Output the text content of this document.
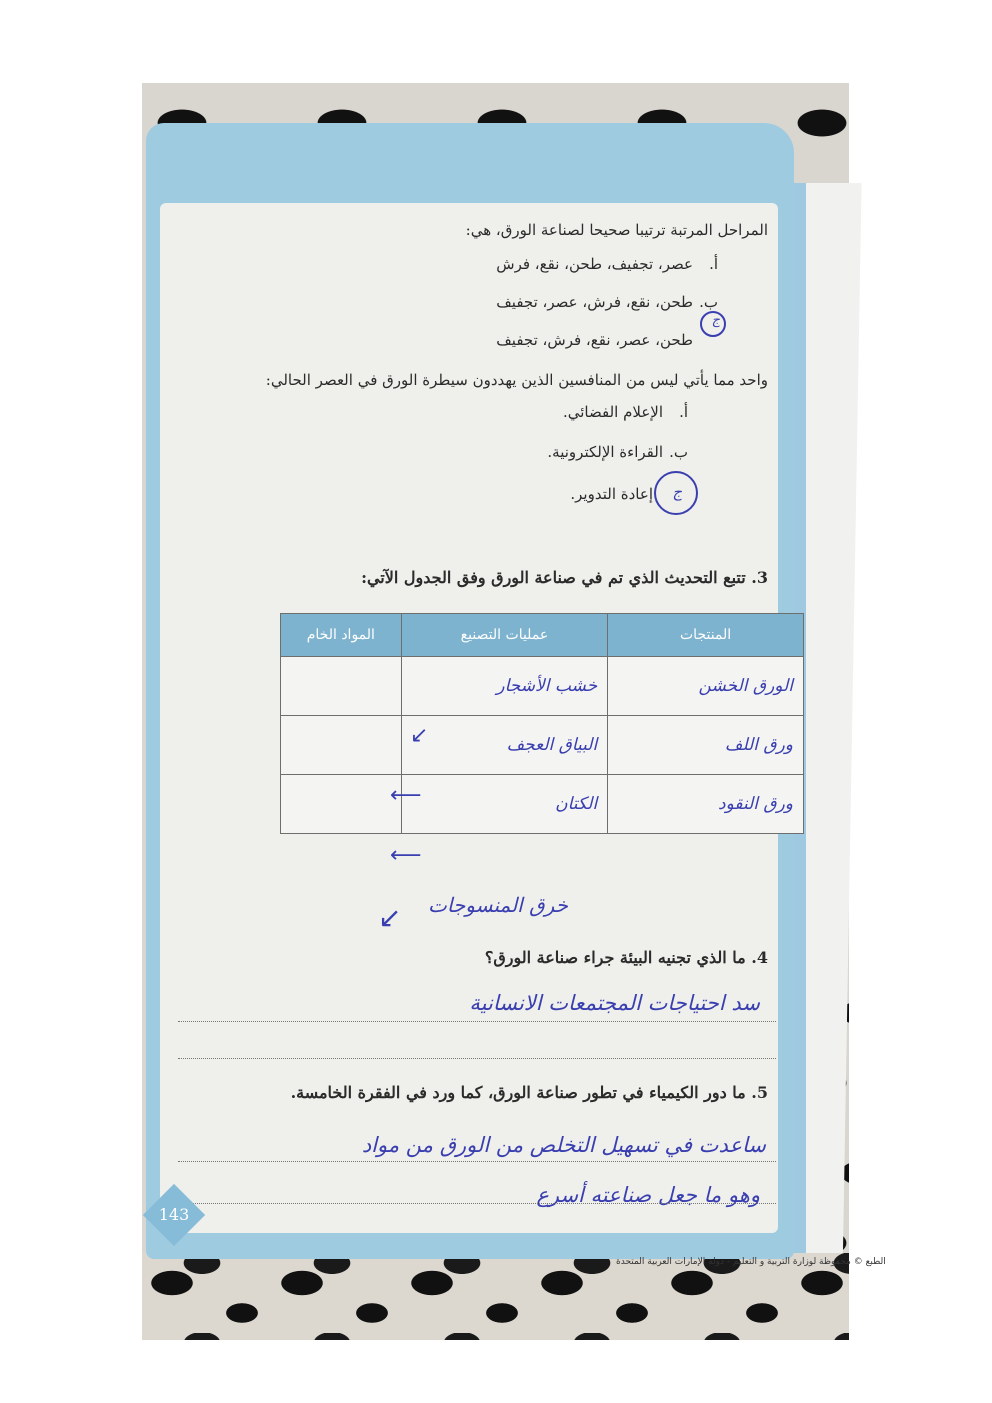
المراحل المرتبة ترتيبا صحيحا لصناعة الورق، هي:
أ.
عصر، تجفيف، طحن، نقع، فرش
ب.
طحن، نقع، فرش، عصر، تجفيف
ج
طحن، عصر، نقع، فرش، تجفيف
واحد مما يأتي ليس من المنافسين الذين يهددون سيطرة الورق في العصر الحالي:
أ.
الإعلام الفضائي.
ب.
القراءة الإلكترونية.
ج
إعادة التدوير.
3. تتبع التحديث الذي تم في صناعة الورق وفق الجدول الآتي:
المنتجات	عمليات التصنيع	المواد الخام
الورق الخشن	خشب الأشجار	
ورق اللف	البياق العجف	
ورق النقود	الكتان	
↙
⟵
⟵
خرق المنسوجات
↙
4. ما الذي تجنيه البيئة جراء صناعة الورق؟
سد احتياجات المجتمعات الانسانية
5. ما دور الكيمياء في تطور صناعة الورق، كما ورد في الفقرة الخامسة.
ساعدت في تسهيل التخلص من الورق من مواد
وهو ما جعل صناعته أسرع
143
الطبع © محفوظة لوزارة التربية و التعليم - دولة الإمارات العربية المتحدة
